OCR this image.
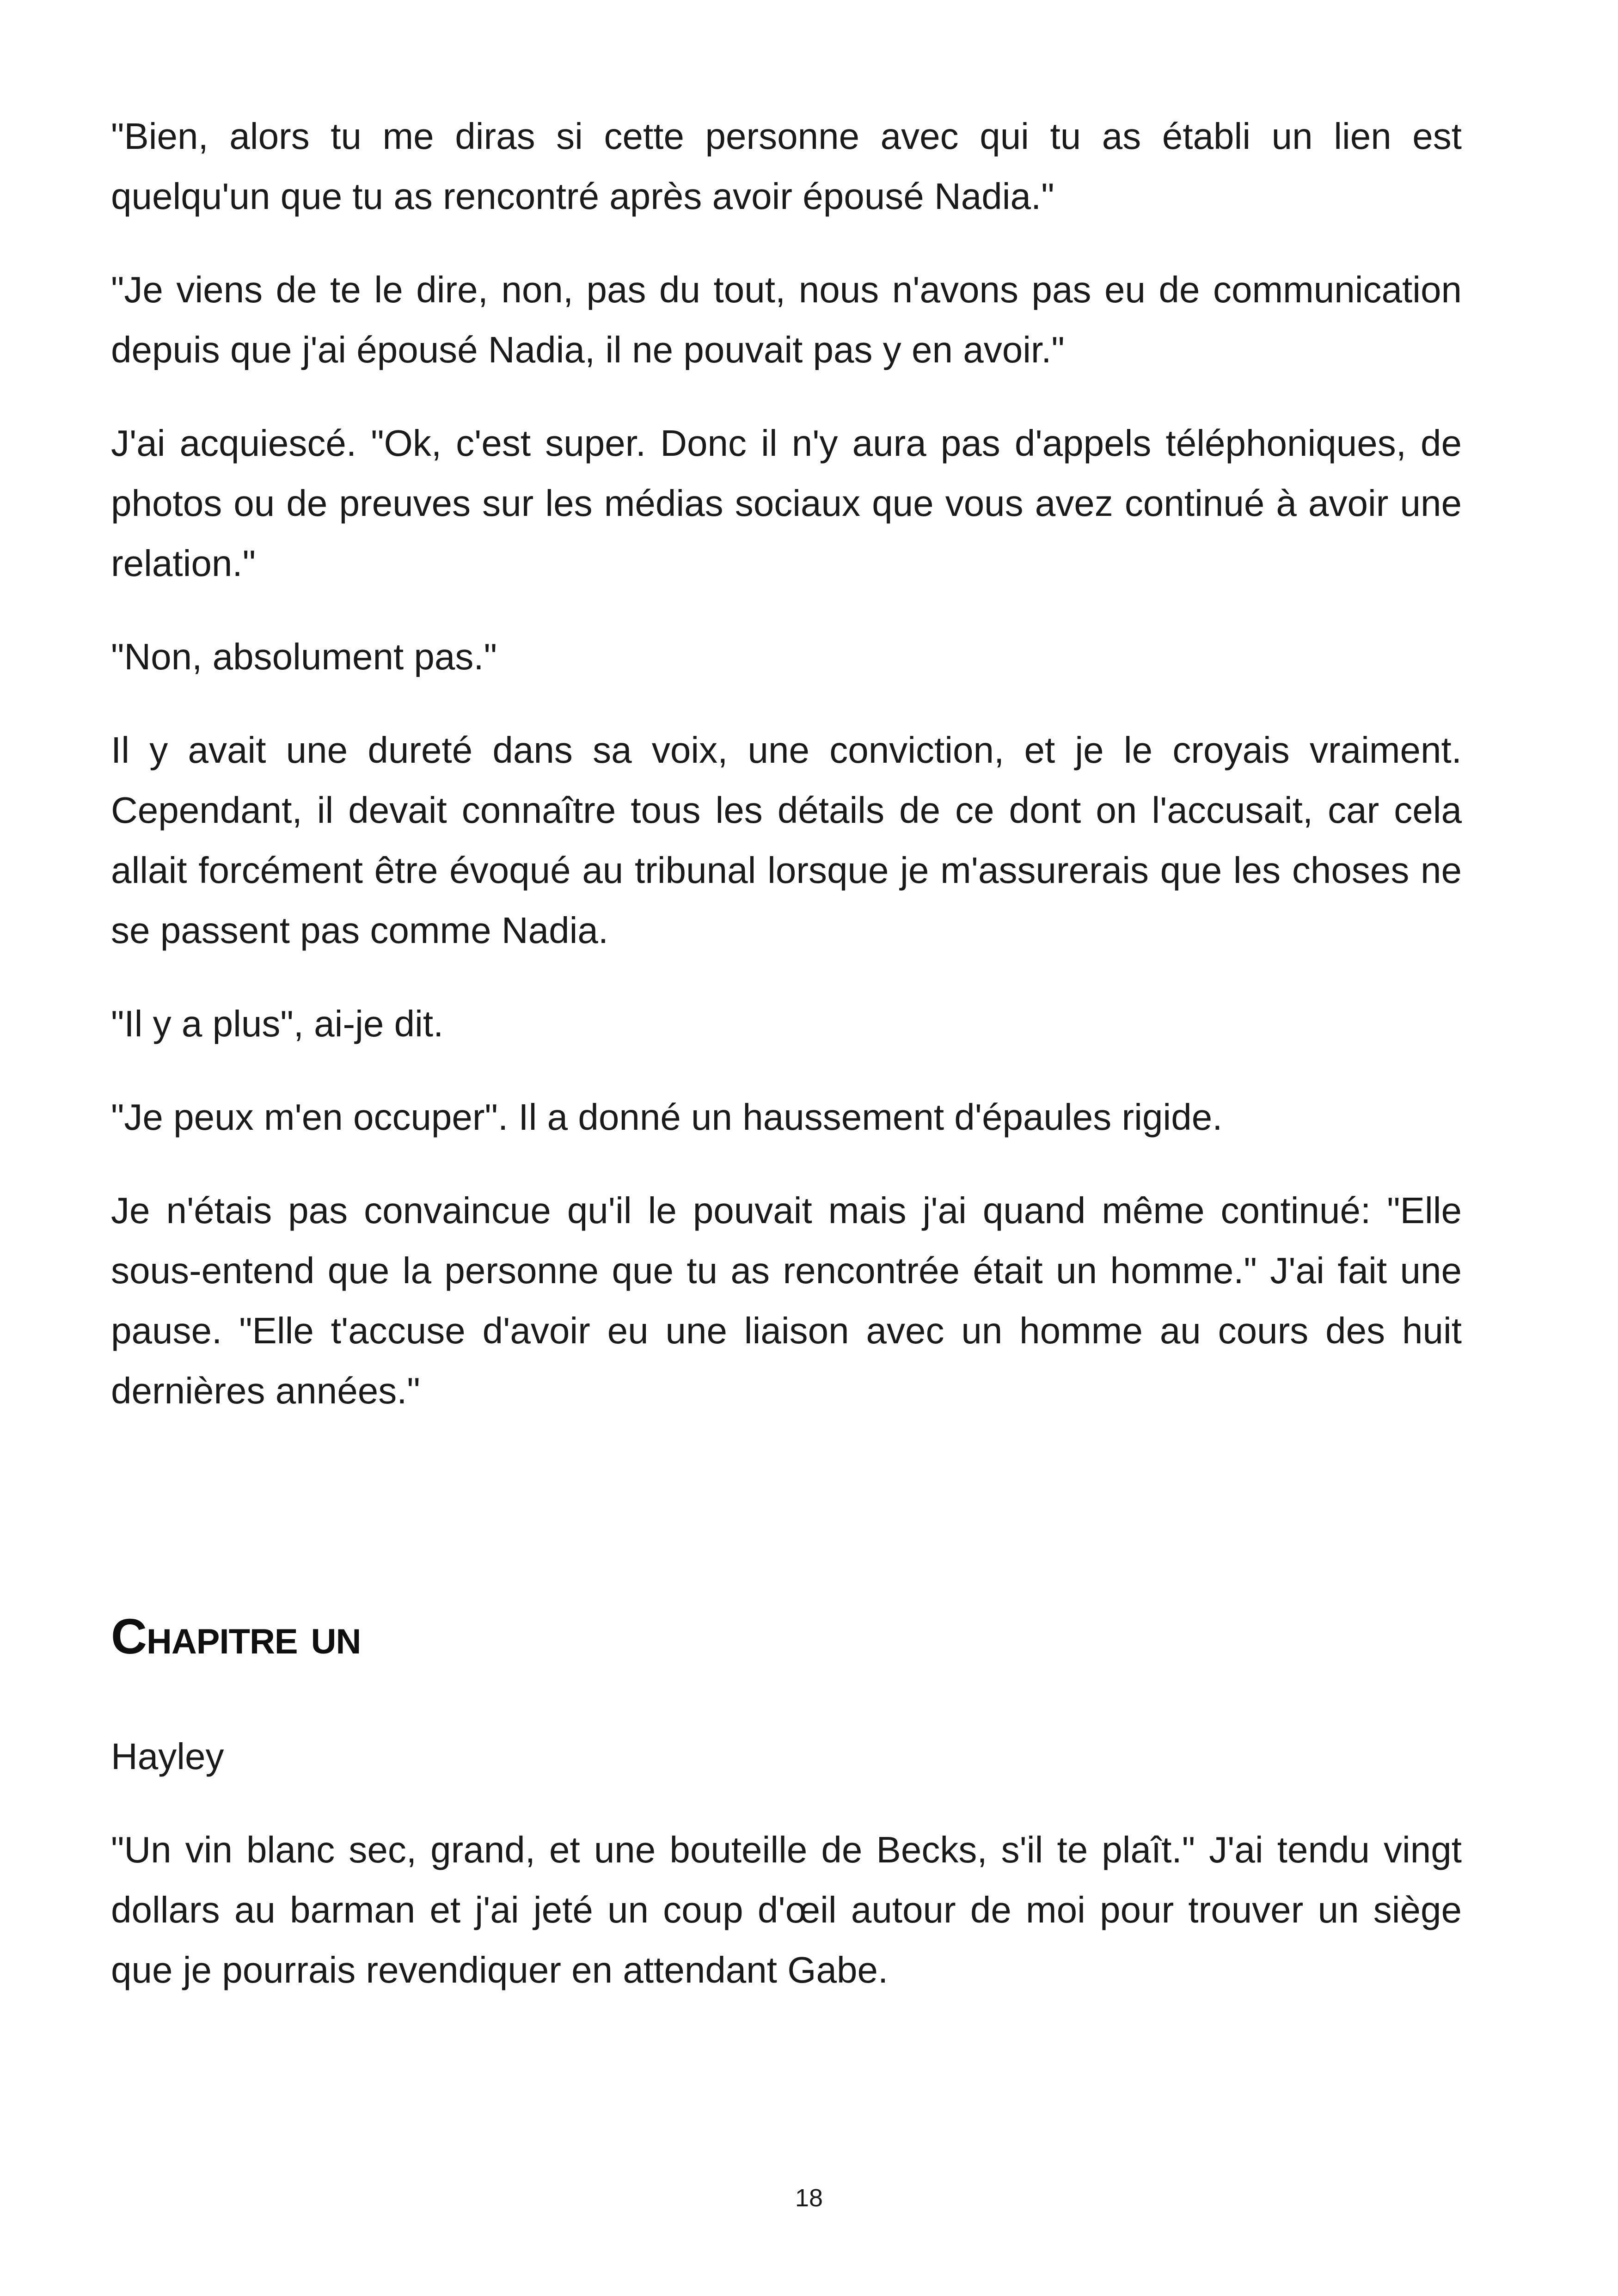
"Bien, alors tu me diras si cette personne avec qui tu as établi un lien est quelqu'un que tu as rencontré après avoir épousé Nadia."

"Je viens de te le dire, non, pas du tout, nous n'avons pas eu de communication depuis que j'ai épousé Nadia, il ne pouvait pas y en avoir."

J'ai acquiescé. "Ok, c'est super. Donc il n'y aura pas d'appels téléphoniques, de photos ou de preuves sur les médias sociaux que vous avez continué à avoir une relation."

"Non, absolument pas."

Il y avait une dureté dans sa voix, une conviction, et je le croyais vraiment. Cependant, il devait connaître tous les détails de ce dont on l'accusait, car cela allait forcément être évoqué au tribunal lorsque je m'assurerais que les choses ne se passent pas comme Nadia.

"Il y a plus", ai-je dit.

"Je peux m'en occuper". Il a donné un haussement d'épaules rigide.

Je n'étais pas convaincue qu'il le pouvait mais j'ai quand même continué: "Elle sous-entend que la personne que tu as rencontrée était un homme." J'ai fait une pause. "Elle t'accuse d'avoir eu une liaison avec un homme au cours des huit dernières années."

Chapitre un

Hayley

"Un vin blanc sec, grand, et une bouteille de Becks, s'il te plaît." J'ai tendu vingt dollars au barman et j'ai jeté un coup d'œil autour de moi pour trouver un siège que je pourrais revendiquer en attendant Gabe.

18
